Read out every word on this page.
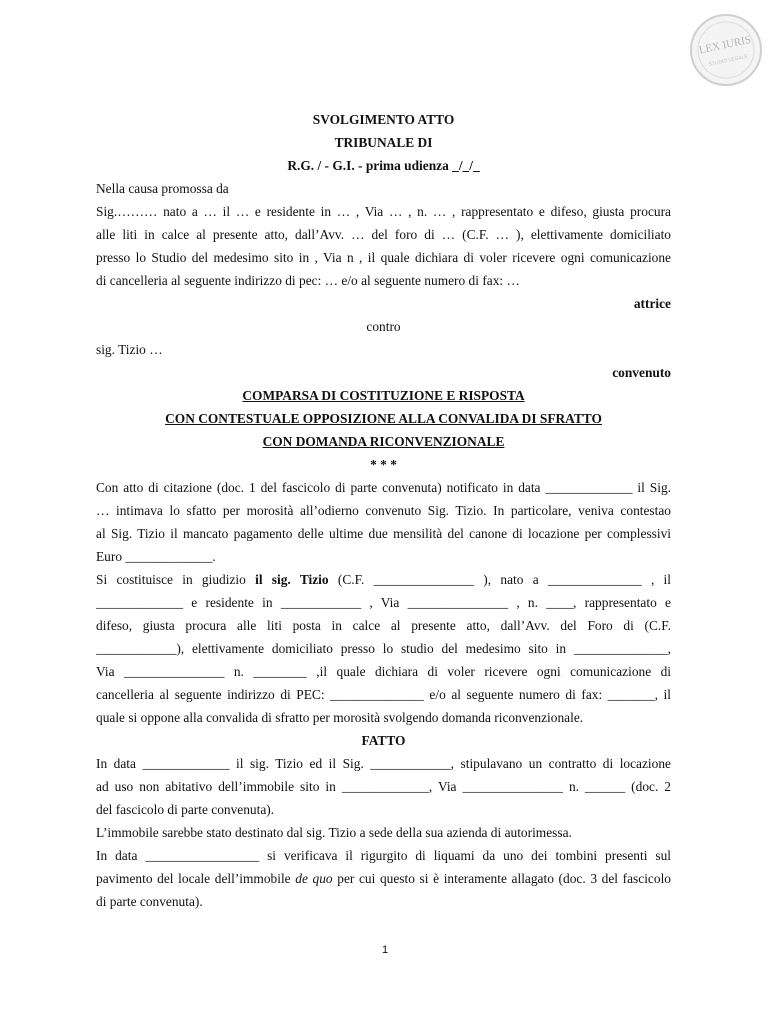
LEX IURIS
STUDIO LEGALE
SVOLGIMENTO ATTO
TRIBUNALE DI
R.G. / - G.I. - prima udienza _/_/_
Nella causa promossa da
Sig.……… nato a … il … e residente in … , Via … , n. … , rappresentato e difeso, giusta procura
alle liti in calce al presente atto, dall’Avv. … del foro di … (C.F. … ), elettivamente domiciliato
presso lo Studio del medesimo sito in , Via n , il quale dichiara di voler ricevere ogni comunicazione
di cancelleria al seguente indirizzo di pec: … e/o al seguente numero di fax: …
attrice
contro
sig. Tizio …
convenuto
COMPARSA DI COSTITUZIONE E RISPOSTA
CON CONTESTUALE OPPOSIZIONE ALLA CONVALIDA DI SFRATTO
CON DOMANDA RICONVENZIONALE
* * *
Con atto di citazione (doc. 1 del fascicolo di parte convenuta) notificato in data _____________ il Sig.
… intimava lo sfatto per morosità all’odierno convenuto Sig. Tizio. In particolare, veniva contestao
al Sig. Tizio il mancato pagamento delle ultime due mensilità del canone di locazione per complessivi
Euro _____________.
Si costituisce in giudizio il sig. Tizio (C.F. _______________ ), nato a ______________ , il
_____________ e residente in ____________ , Via _______________ , n. ____, rappresentato e
difeso, giusta procura alle liti posta in calce al presente atto, dall’Avv. del Foro di (C.F.
____________), elettivamente domiciliato presso lo studio del medesimo sito in ______________,
Via _______________ n. ________ ,il quale dichiara di voler ricevere ogni comunicazione di
cancelleria al seguente indirizzo di PEC: ______________ e/o al seguente numero di fax: _______, il
quale si oppone alla convalida di sfratto per morosità svolgendo domanda riconvenzionale.
FATTO
In data _____________ il sig. Tizio ed il Sig. ____________, stipulavano un contratto di locazione
ad uso non abitativo dell’immobile sito in _____________, Via _______________ n. ______ (doc. 2
del fascicolo di parte convenuta).
L’immobile sarebbe stato destinato dal sig. Tizio a sede della sua azienda di autorimessa.
In data _________________ si verificava il rigurgito di liquami da uno dei tombini presenti sul
pavimento del locale dell’immobile de quo per cui questo si è interamente allagato (doc. 3 del fascicolo
di parte convenuta).
1
